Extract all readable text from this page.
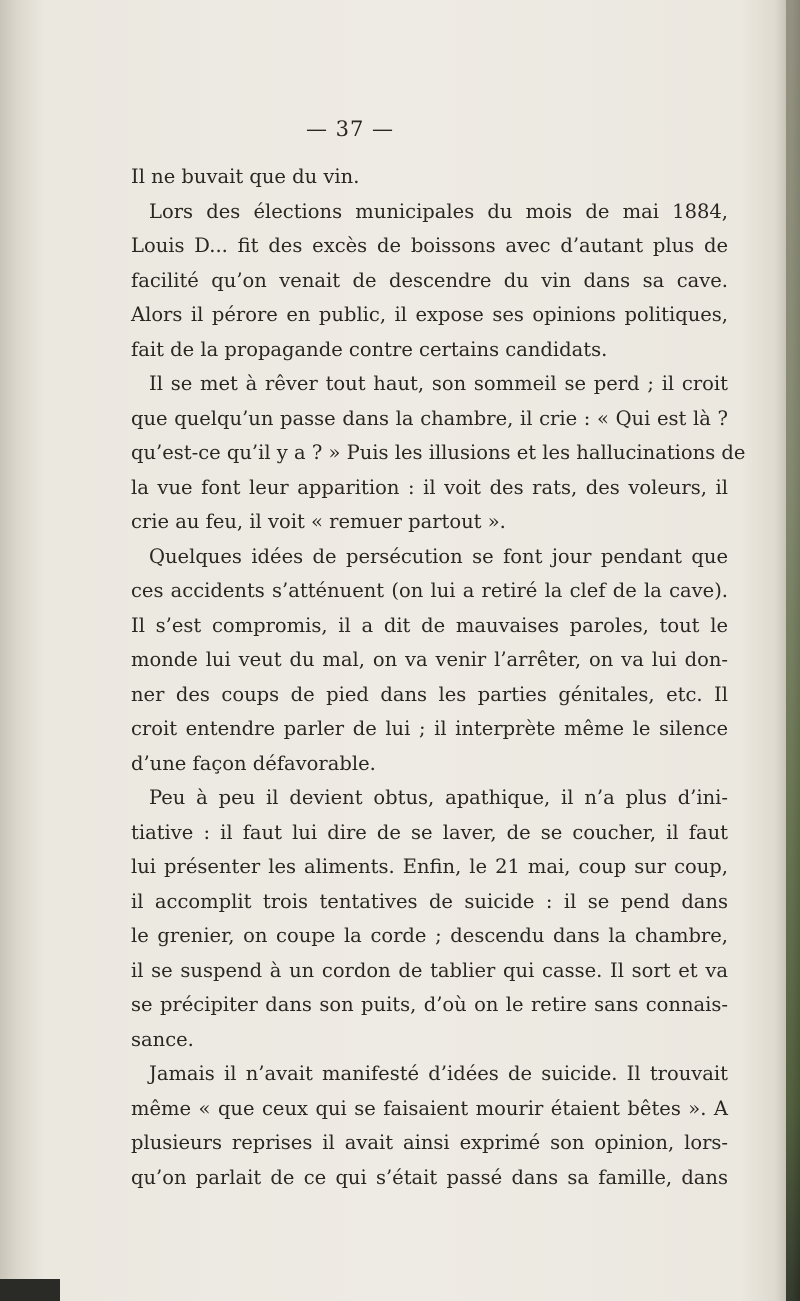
— 37 —
Il ne buvait que du vin.
Lors des élections municipales du mois de mai 1884,
Louis D... fit des excès de boissons avec d’autant plus de
facilité qu’on venait de descendre du vin dans sa cave.
Alors il pérore en public, il expose ses opinions politiques,
fait de la propagande contre certains candidats.
Il se met à rêver tout haut, son sommeil se perd ; il croit
que quelqu’un passe dans la chambre, il crie : « Qui est là ?
qu’est-ce qu’il y a ? » Puis les illusions et les hallucinations de
la vue font leur apparition : il voit des rats, des voleurs, il
crie au feu, il voit « remuer partout ».
Quelques idées de persécution se font jour pendant que
ces accidents s’atténuent (on lui a retiré la clef de la cave).
Il s’est compromis, il a dit de mauvaises paroles, tout le
monde lui veut du mal, on va venir l’arrêter, on va lui don-
ner des coups de pied dans les parties génitales, etc. Il
croit entendre parler de lui ; il interprète même le silence
d’une façon défavorable.
Peu à peu il devient obtus, apathique, il n’a plus d’ini-
tiative : il faut lui dire de se laver, de se coucher, il faut
lui présenter les aliments. Enfin, le 21 mai, coup sur coup,
il accomplit trois tentatives de suicide : il se pend dans
le grenier, on coupe la corde ; descendu dans la chambre,
il se suspend à un cordon de tablier qui casse. Il sort et va
se précipiter dans son puits, d’où on le retire sans connais-
sance.
Jamais il n’avait manifesté d’idées de suicide. Il trouvait
même « que ceux qui se faisaient mourir étaient bêtes ». A
plusieurs reprises il avait ainsi exprimé son opinion, lors-
qu’on parlait de ce qui s’était passé dans sa famille, dans
